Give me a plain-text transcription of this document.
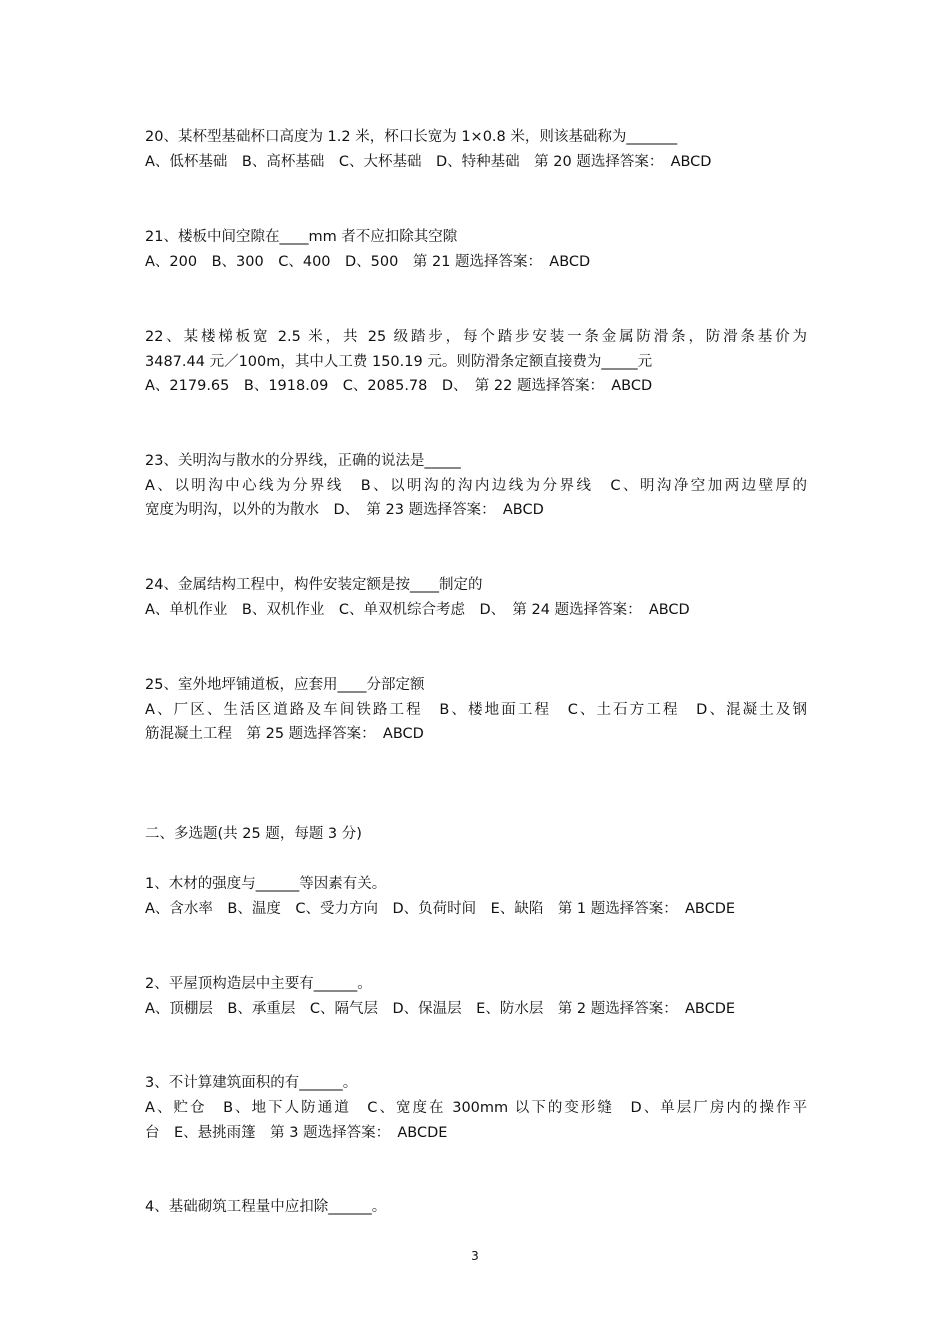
20、某杯型基础杯口高度为 1.2 米，杯口长宽为 1×0.8 米，则该基础称为_______
A、低杯基础　B、高杯基础　C、大杯基础　D、特种基础　第 20 题选择答案：　ABCD
21、楼板中间空隙在____mm 者不应扣除其空隙
A、200　B、300　C、400　D、500　第 21 题选择答案：　ABCD
22、某楼梯板宽 2.5 米，共 25 级踏步，每个踏步安装一条金属防滑条，防滑条基价为
3487.44 元／100m，其中人工费 150.19 元。则防滑条定额直接费为_____元
A、2179.65　B、1918.09　C、2085.78　D、　第 22 题选择答案：　ABCD
23、关明沟与散水的分界线，正确的说法是_____
A、以明沟中心线为分界线　B、以明沟的沟内边线为分界线　C、明沟净空加两边壁厚的
宽度为明沟，以外的为散水　D、　第 23 题选择答案：　ABCD
24、金属结构工程中，构件安装定额是按____制定的
A、单机作业　B、双机作业　C、单双机综合考虑　D、　第 24 题选择答案：　ABCD
25、室外地坪铺道板，应套用____分部定额
A、厂区、生活区道路及车间铁路工程　B、楼地面工程　C、土石方工程　D、混凝土及钢
筋混凝土工程　第 25 题选择答案：　ABCD
二、多选题(共 25 题，每题 3 分)
1、木材的强度与______等因素有关。
A、含水率　B、温度　C、受力方向　D、负荷时间　E、缺陷　第 1 题选择答案：　ABCDE
2、平屋顶构造层中主要有______。
A、顶棚层　B、承重层　C、隔气层　D、保温层　E、防水层　第 2 题选择答案：　ABCDE
3、不计算建筑面积的有______。
A、贮仓　B、地下人防通道　C、宽度在 300mm 以下的变形缝　D、单层厂房内的操作平
台　E、悬挑雨篷　第 3 题选择答案：　ABCDE
4、基础砌筑工程量中应扣除______。
3
